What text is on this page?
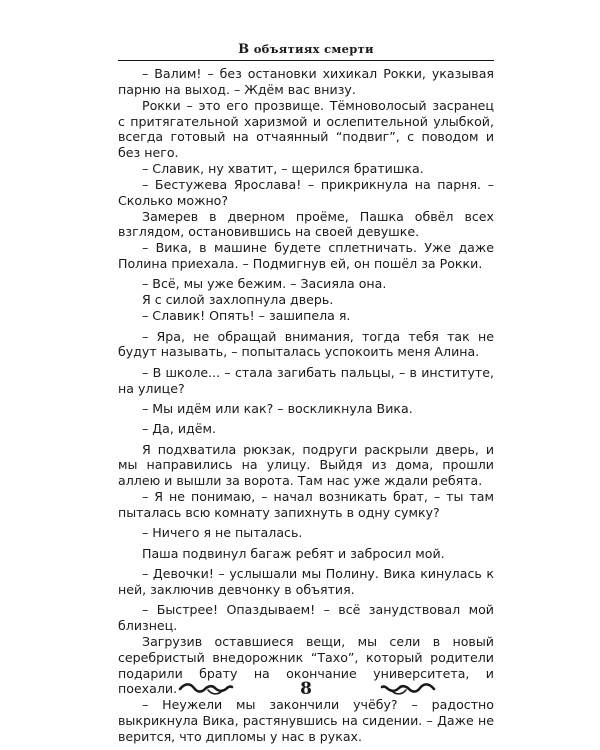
В объятиях смерти

– Валим! – без остановки хихикал Рокки, указывая парню на выход. – Ждём вас внизу.

Рокки – это его прозвище. Тёмноволосый засранец с притягательной харизмой и ослепительной улыбкой, всегда готовый на отчаянный “подвиг”, с поводом и без него.

– Славик, ну хватит, – щерился братишка.

– Бестужева Ярослава! – прикрикнула на парня. – Сколько можно?

Замерев в дверном проёме, Пашка обвёл всех взглядом, остановившись на своей девушке.

– Вика, в машине будете сплетничать. Уже даже Полина приехала. – Подмигнув ей, он пошёл за Рокки.

– Всё, мы уже бежим. – Засияла она.

Я с силой захлопнула дверь.

– Славик! Опять! – зашипела я.

– Яра, не обращай внимания, тогда тебя так не будут называть, – попыталась успокоить меня Алина.

– В школе... – стала загибать пальцы, – в институте, на улице?

– Мы идём или как? – воскликнула Вика.

– Да, идём.

Я подхватила рюкзак, подруги раскрыли дверь, и мы направились на улицу. Выйдя из дома, прошли аллею и вышли за ворота. Там нас уже ждали ребята.

– Я не понимаю, – начал возникать брат, – ты там пыталась всю комнату запихнуть в одну сумку?

– Ничего я не пыталась.

Паша подвинул багаж ребят и забросил мой.

– Девочки! – услышали мы Полину. Вика кинулась к ней, заключив девчонку в объятия.

– Быстрее! Опаздываем! – всё занудствовал мой близнец.

Загрузив оставшиеся вещи, мы сели в новый серебристый внедорожник “Тахо”, который родители подарили брату на окончание университета, и поехали.

– Неужели мы закончили учёбу? – радостно выкрикнула Вика, растянувшись на сидении. – Даже не верится, что дипломы у нас в руках.

8
